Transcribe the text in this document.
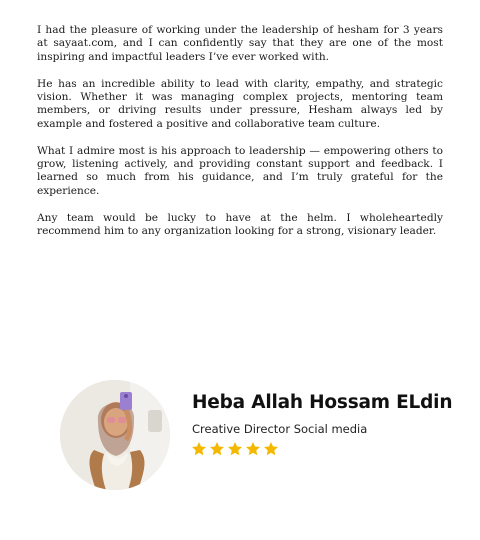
I had the pleasure of working under the leadership of hesham for 3 years at sayaat.com, and I can confidently say that they are one of the most inspiring and impactful leaders I’ve ever worked with.

He has an incredible ability to lead with clarity, empathy, and strategic vision. Whether it was managing complex projects, mentoring team members, or driving results under pressure, Hesham always led by example and fostered a positive and collaborative team culture.

What I admire most is his approach to leadership — empowering others to grow, listening actively, and providing constant support and feedback. I learned so much from his guidance, and I’m truly grateful for the experience.

Any team would be lucky to have at the helm. I wholeheartedly recommend him to any organization looking for a strong, visionary leader.

Heba Allah Hossam ELdin
Creative Director Social media
